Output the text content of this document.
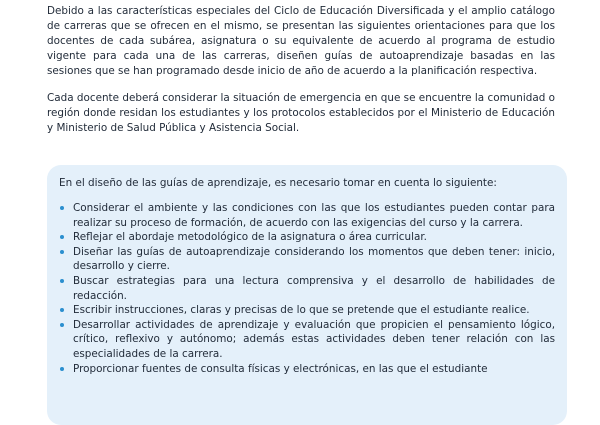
Debido a las características especiales del Ciclo de Educación Diversificada y el amplio catálogo de carreras que se ofrecen en el mismo, se presentan las siguientes orientaciones para que los docentes de cada subárea, asignatura o su equivalente de acuerdo al programa de estudio vigente para cada una de las carreras, diseñen guías de autoaprendizaje basadas en las sesiones que se han programado desde inicio de año de acuerdo a la planificación respectiva.

Cada docente deberá considerar la situación de emergencia en que se encuentre la comunidad o región donde residan los estudiantes y los protocolos establecidos por el Ministerio de Educación y Ministerio de Salud Pública y Asistencia Social.

En el diseño de las guías de aprendizaje, es necesario tomar en cuenta lo siguiente:

Considerar el ambiente y las condiciones con las que los estudiantes pueden contar para realizar su proceso de formación, de acuerdo con las exigencias del curso y la carrera.
Reflejar el abordaje metodológico de la asignatura o área curricular.
Diseñar las guías de autoaprendizaje considerando los momentos que deben tener: inicio, desarrollo y cierre.
Buscar estrategias para una lectura comprensiva y el desarrollo de habilidades de redacción.
Escribir instrucciones, claras y precisas de lo que se pretende que el estudiante realice.
Desarrollar actividades de aprendizaje y evaluación que propicien el pensamiento lógico, crítico, reflexivo y autónomo; además estas actividades deben tener relación con las especialidades de la carrera.
Proporcionar fuentes de consulta físicas y electrónicas, en las que el estudiante
